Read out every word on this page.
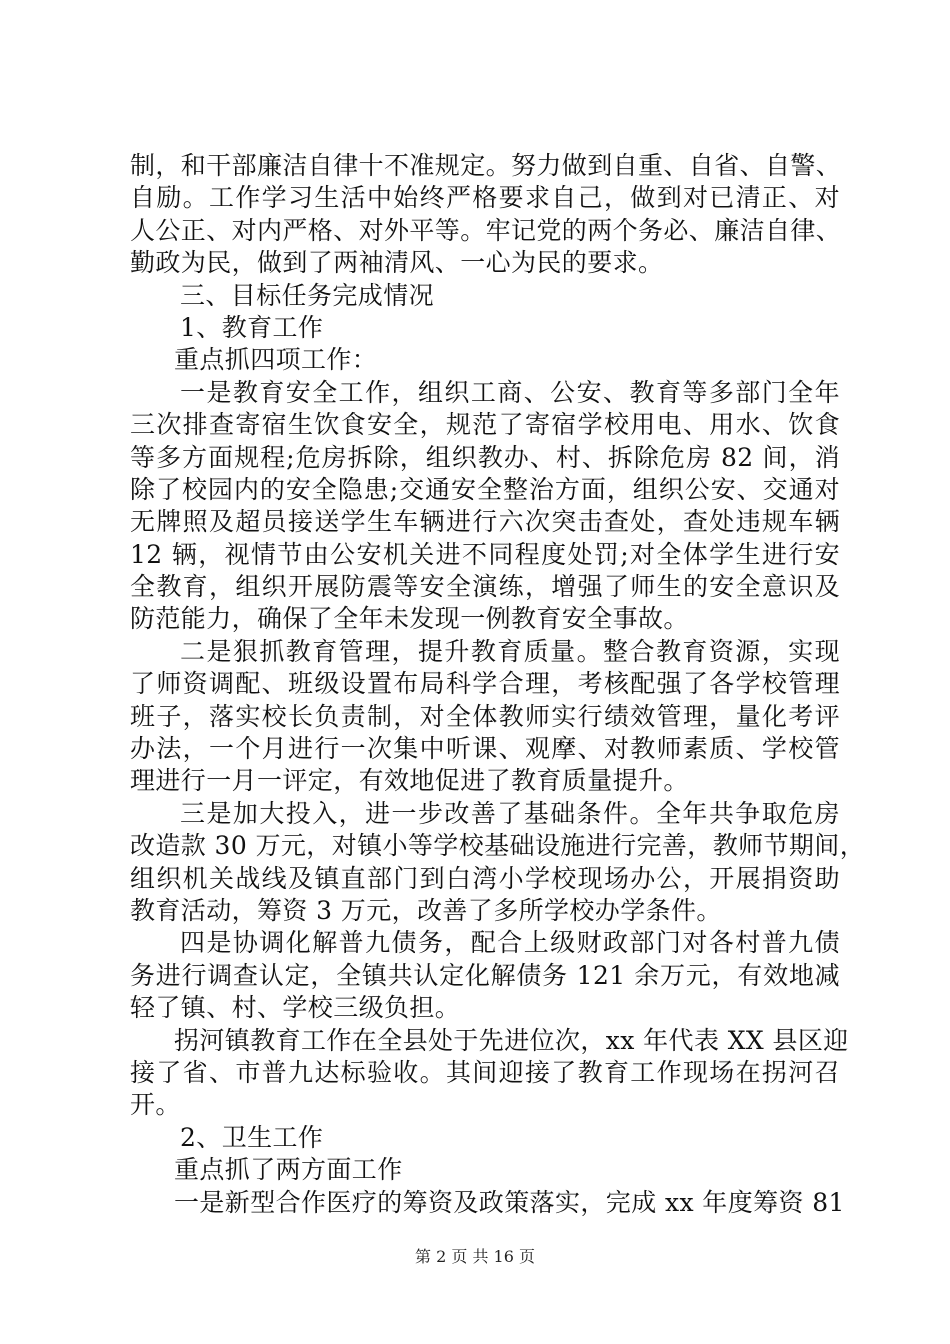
制，和干部廉洁自律十不准规定。努力做到自重、自省、自警、
自励。工作学习生活中始终严格要求自己，做到对已清正、对
人公正、对内严格、对外平等。牢记党的两个务必、廉洁自律、
勤政为民，做到了两袖清风、一心为民的要求。
三、目标任务完成情况
1、教育工作
重点抓四项工作：
一是教育安全工作，组织工商、公安、教育等多部门全年
三次排查寄宿生饮食安全，规范了寄宿学校用电、用水、饮食
等多方面规程;危房拆除，组织教办、村、拆除危房 82 间，消
除了校园内的安全隐患;交通安全整治方面，组织公安、交通对
无牌照及超员接送学生车辆进行六次突击查处，查处违规车辆
12 辆，视情节由公安机关进不同程度处罚;对全体学生进行安
全教育，组织开展防震等安全演练，增强了师生的安全意识及
防范能力，确保了全年未发现一例教育安全事故。
二是狠抓教育管理，提升教育质量。整合教育资源，实现
了师资调配、班级设置布局科学合理，考核配强了各学校管理
班子，落实校长负责制，对全体教师实行绩效管理，量化考评
办法，一个月进行一次集中听课、观摩、对教师素质、学校管
理进行一月一评定，有效地促进了教育质量提升。
三是加大投入，进一步改善了基础条件。全年共争取危房
改造款 30 万元，对镇小等学校基础设施进行完善，教师节期间，
组织机关战线及镇直部门到白湾小学校现场办公，开展捐资助
教育活动，筹资 3 万元，改善了多所学校办学条件。
四是协调化解普九债务，配合上级财政部门对各村普九债
务进行调查认定，全镇共认定化解债务 121 余万元，有效地减
轻了镇、村、学校三级负担。
拐河镇教育工作在全县处于先进位次，xx 年代表 XX 县区迎
接了省、市普九达标验收。其间迎接了教育工作现场在拐河召
开。
2、卫生工作
重点抓了两方面工作
一是新型合作医疗的筹资及政策落实，完成 xx 年度筹资 81
第 2 页 共 16 页
